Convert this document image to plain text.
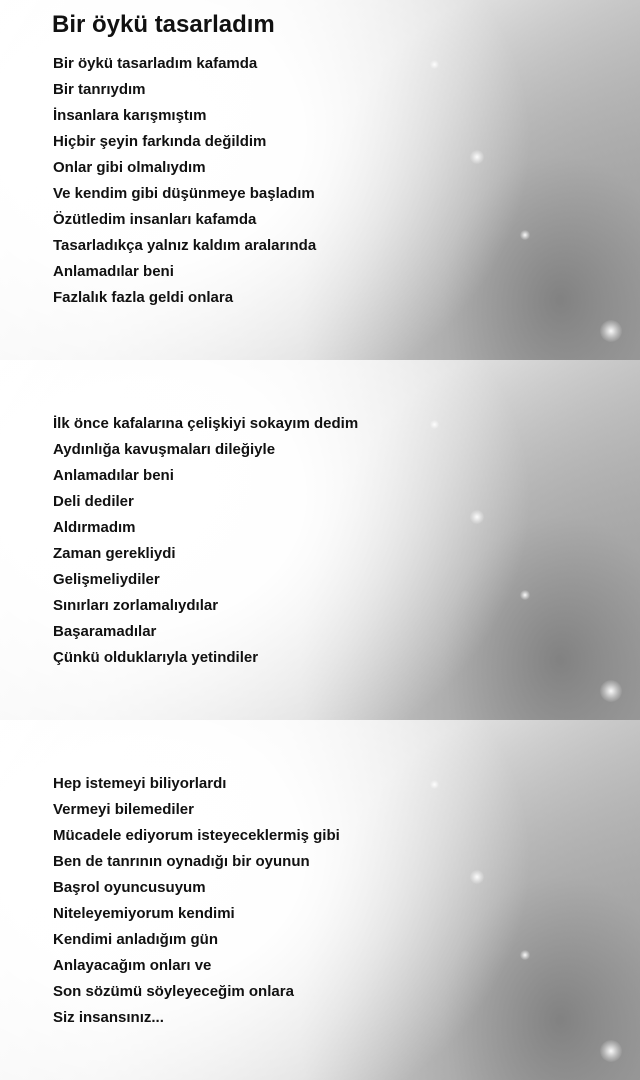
Bir öykü tasarladım
Bir öykü tasarladım kafamda
Bir tanrıydım
İnsanlara karışmıştım
Hiçbir şeyin farkında değildim
Onlar gibi olmalıydım
Ve kendim gibi düşünmeye başladım
Özütledim insanları kafamda
Tasarladıkça yalnız kaldım aralarında
Anlamadılar beni
Fazlalık fazla geldi onlara
İlk önce kafalarına çelişkiyi sokayım dedim
Aydınlığa kavuşmaları dileğiyle
Anlamadılar beni
Deli dediler
Aldırmadım
Zaman gerekliydi
Gelişmeliydiler
Sınırları zorlamalıydılar
Başaramadılar
Çünkü olduklarıyla yetindiler
Hep istemeyi biliyorlardı
Vermeyi bilemediler
Mücadele ediyorum isteyeceklermiş gibi
Ben de tanrının oynadığı bir oyunun
Başrol oyuncusuyum
Niteleyemiyorum kendimi
Kendimi anladığım gün
Anlayacağım onları ve
Son sözümü söyleyeceğim onlara
Siz insansınız...
